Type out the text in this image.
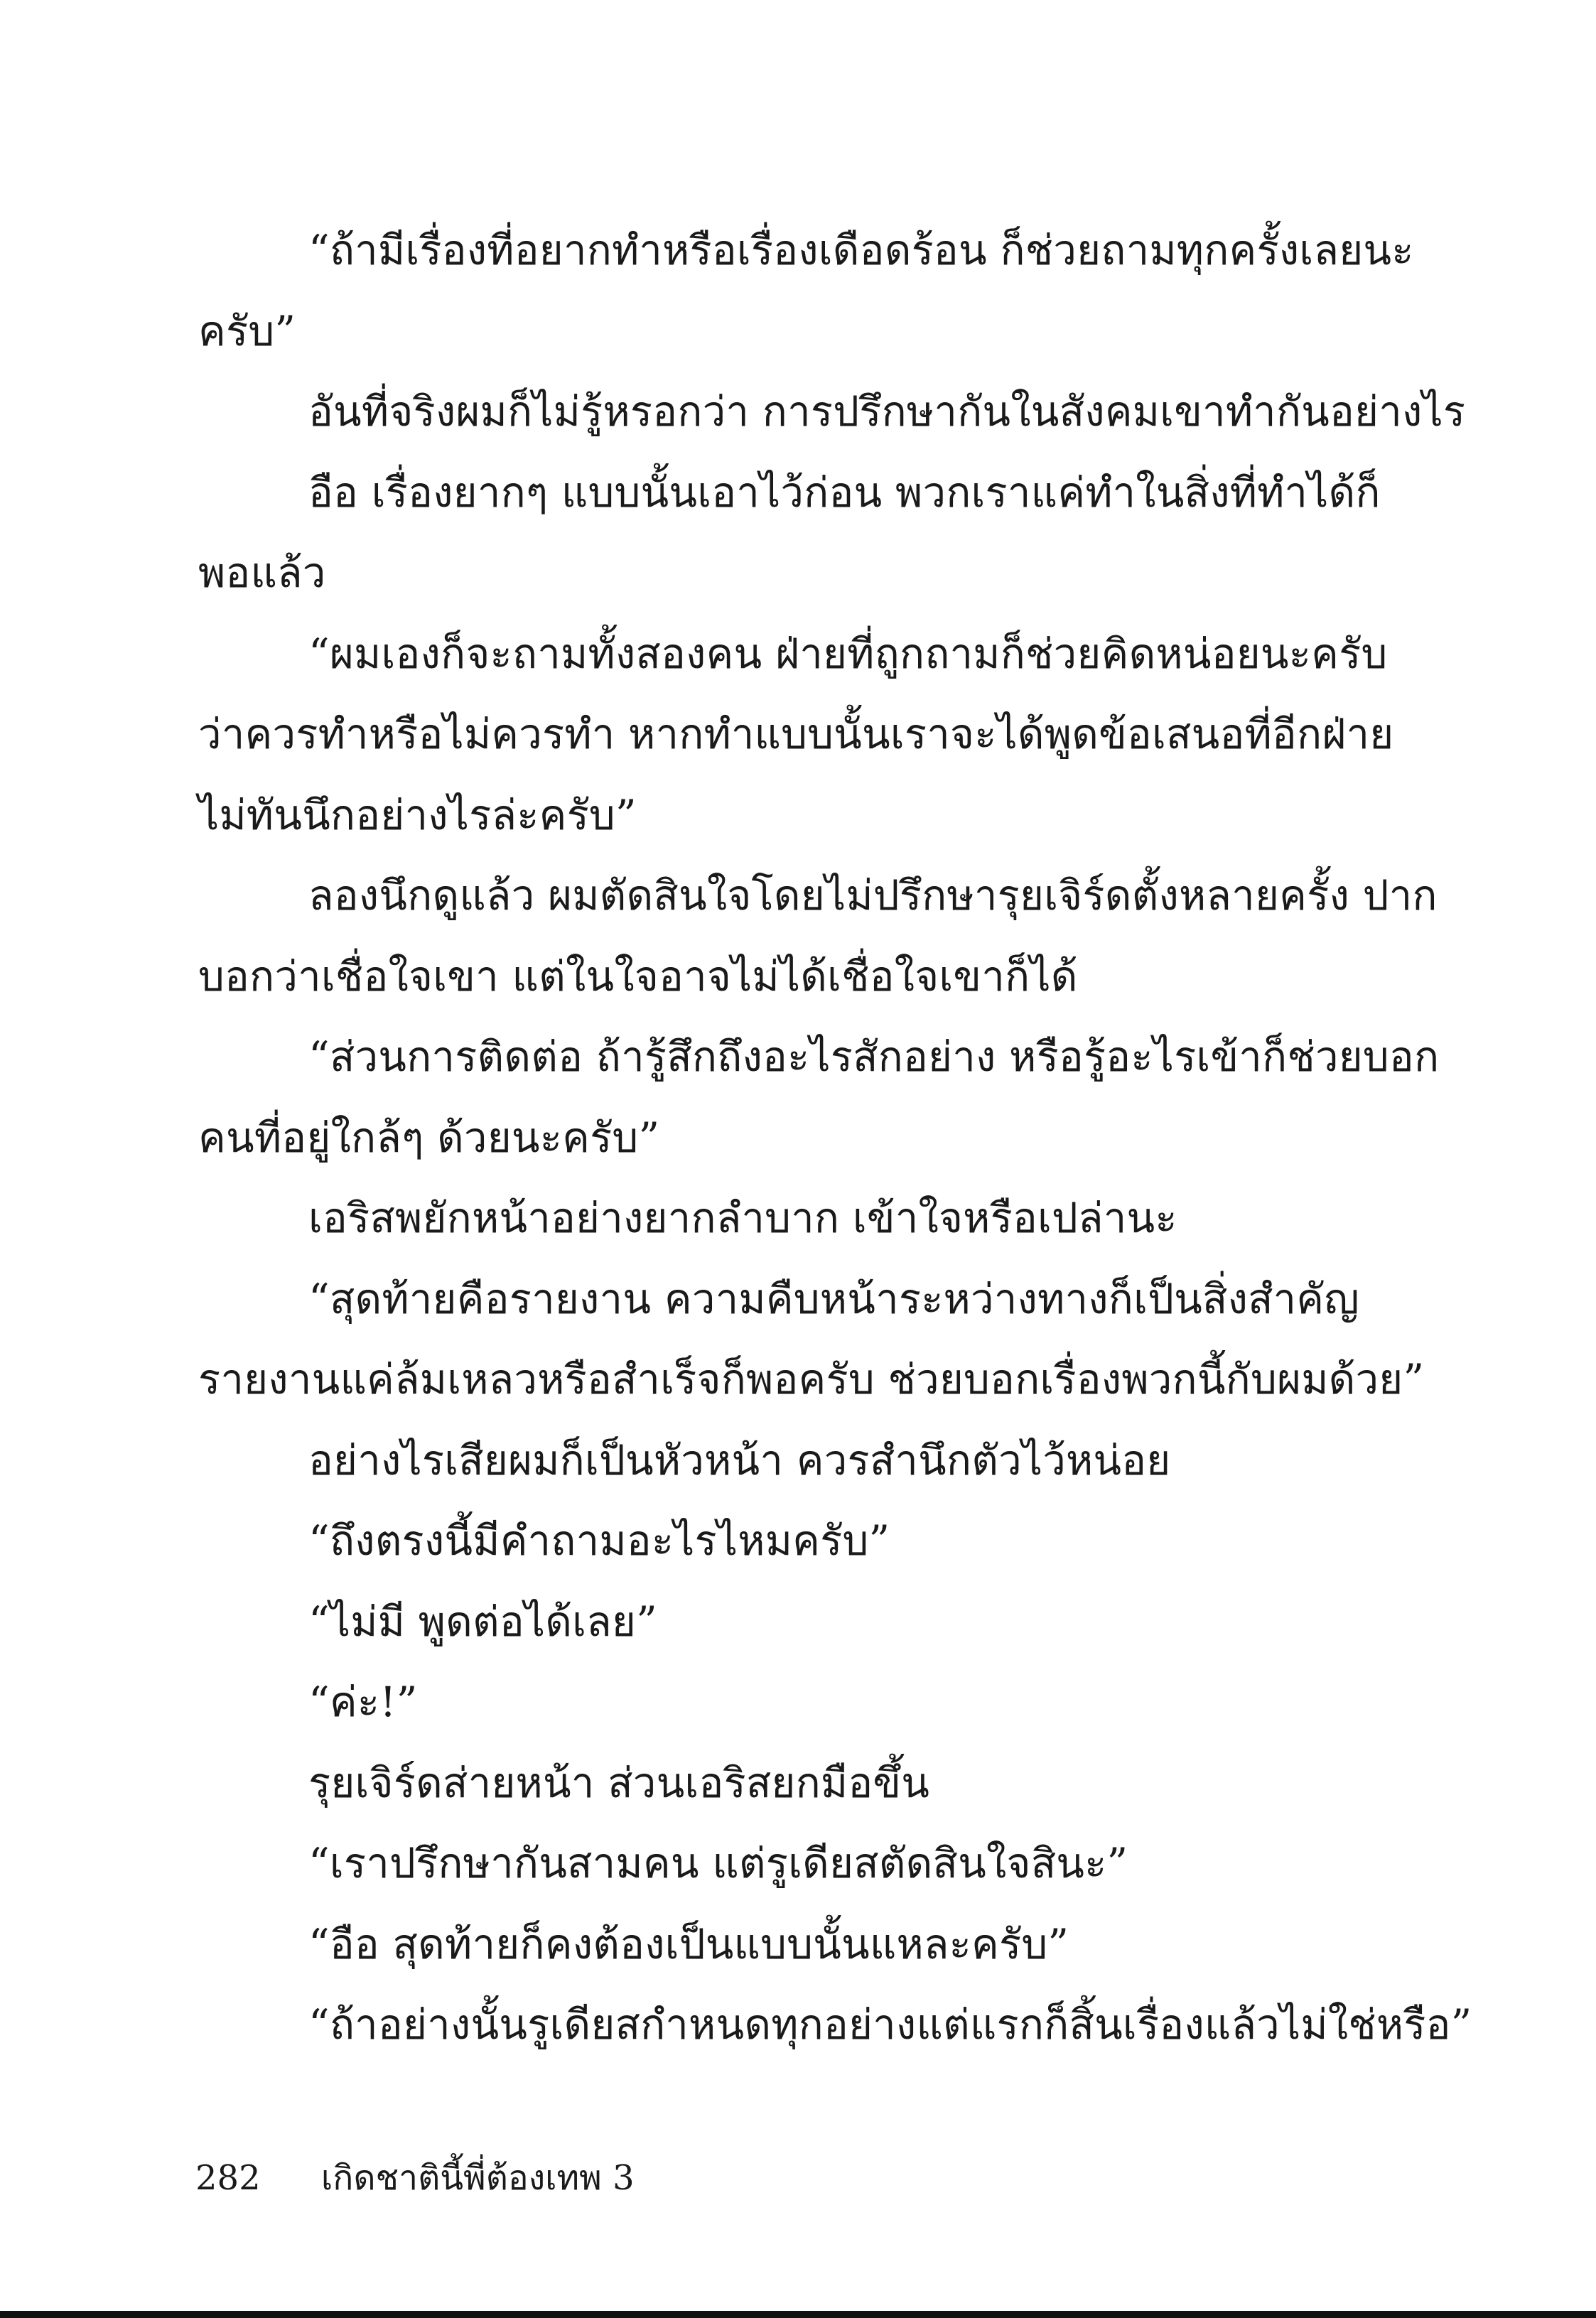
“ถ้ามีเรื่องที่อยากทำหรือเรื่องเดือดร้อน ก็ช่วยถามทุกครั้งเลยนะ
ครับ”
อันที่จริงผมก็ไม่รู้หรอกว่า การปรึกษากันในสังคมเขาทำกันอย่างไร
อือ เรื่องยากๆ แบบนั้นเอาไว้ก่อน พวกเราแค่ทำในสิ่งที่ทำได้ก็
พอแล้ว
“ผมเองก็จะถามทั้งสองคน ฝ่ายที่ถูกถามก็ช่วยคิดหน่อยนะครับ
ว่าควรทำหรือไม่ควรทำ หากทำแบบนั้นเราจะได้พูดข้อเสนอที่อีกฝ่าย
ไม่ทันนึกอย่างไรล่ะครับ”
ลองนึกดูแล้ว ผมตัดสินใจโดยไม่ปรึกษารุยเจิร์ดตั้งหลายครั้ง ปาก
บอกว่าเชื่อใจเขา แต่ในใจอาจไม่ได้เชื่อใจเขาก็ได้
“ส่วนการติดต่อ ถ้ารู้สึกถึงอะไรสักอย่าง หรือรู้อะไรเข้าก็ช่วยบอก
คนที่อยู่ใกล้ๆ ด้วยนะครับ”
เอริสพยักหน้าอย่างยากลำบาก เข้าใจหรือเปล่านะ
“สุดท้ายคือรายงาน ความคืบหน้าระหว่างทางก็เป็นสิ่งสำคัญ
รายงานแค่ล้มเหลวหรือสำเร็จก็พอครับ ช่วยบอกเรื่องพวกนี้กับผมด้วย”
อย่างไรเสียผมก็เป็นหัวหน้า ควรสำนึกตัวไว้หน่อย
“ถึงตรงนี้มีคำถามอะไรไหมครับ”
“ไม่มี พูดต่อได้เลย”
“ค่ะ!”
รุยเจิร์ดส่ายหน้า ส่วนเอริสยกมือขึ้น
“เราปรึกษากันสามคน แต่รูเดียสตัดสินใจสินะ”
“อือ สุดท้ายก็คงต้องเป็นแบบนั้นแหละครับ”
“ถ้าอย่างนั้นรูเดียสกำหนดทุกอย่างแต่แรกก็สิ้นเรื่องแล้วไม่ใช่หรือ”
282 เกิดชาตินี้พี่ต้องเทพ 3
